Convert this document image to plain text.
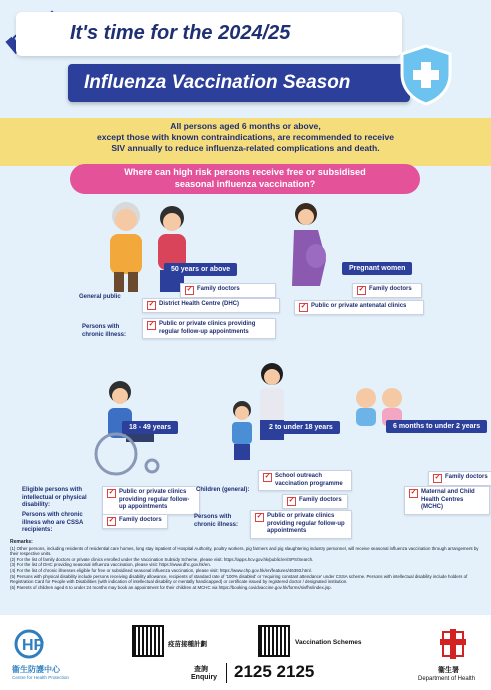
It's time for the 2024/25
Influenza Vaccination Season
All persons aged 6 months or above,
except those with known contraindications, are recommended to receive
SIV annually to reduce influenza-related complications and death.
Where can high risk persons receive free or subsidised
seasonal influenza vaccination?
50 years or above
General public
✓ Family doctors
✓ District Health Centre (DHC)
Persons with chronic illness:
✓ Public or private clinics providing regular follow-up appointments
Pregnant women
✓ Family doctors
✓ Public or private antenatal clinics
18 - 49 years
Eligible persons with intellectual or physical disability:
Persons with chronic illness who are CSSA recipients:
✓ Public or private clinics providing regular follow-up appointments
✓ Family doctors
2 to under 18 years
Children (general):
✓ School outreach vaccination programme
✓ Family doctors
Persons with chronic illness:
✓ Public or private clinics providing regular follow-up appointments
6 months to under 2 years
✓ Family doctors
✓ Maternal and Child Health Centres (MCHC)
Remarks:
(1) Other persons, including residents of residential care homes, long stay inpatient of Hospital Authority, poultry workers, pig farmers and pig slaughtering industry personnel, will receive seasonal influenza vaccination through arrangement by their respective units.
(2) For the list of family doctors or private clinics enrolled under the Vaccination Subsidy Scheme, please visit: https://apps.hcv.gov.hk/public/en/SPS/Search.
(3) For the list of DHC providing seasonal influenza vaccination, please visit: https://www.dhc.gov.hk/en.
(4) For the list of chronic illnesses eligible for free or subsidised seasonal influenza vaccination, please visit: https://www.chp.gov.hk/en/features/46393.html.
(5) Persons with physical disability include persons receiving disability allowance, recipients of standard rate of '100% disabled' or 'requiring constant attendance' under CSSA scheme. Persons with intellectual disability include holders of Registration Card for People with Disabilities (with indication of intellectual disability or mentally handicapped) or certificate issued by registered doctor / designated institution.
(6) Parents of children aged 6 to under 24 months may book an appointment for their children at MCHC via https://booking.covidvaccine.gov.hk/forms/sivfhs/index.jsp.
HP
衞生防護中心
Centre for Health Protection
疫苗接種計劃	Vaccination Schemes
查詢
Enquiry 2125 2125	衞生署
Department of Health
